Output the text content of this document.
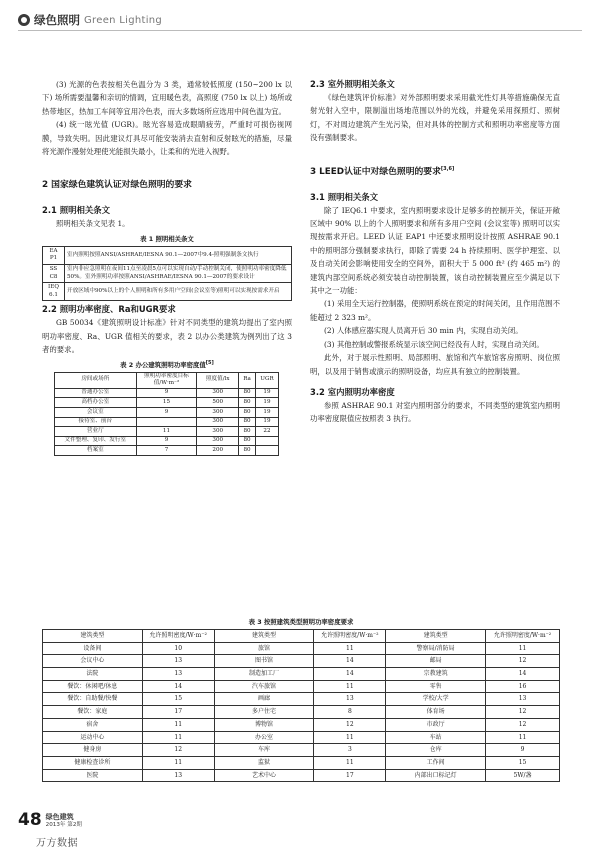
绿色照明 Green Lighting

(3) 光源的色表按相关色温分为 3 类，通常较低照度 (150~200 lx 以下) 场所需要温馨和亲切的情调，宜用暖色表，高照度 (750 lx 以上) 场所或热带地区，热加工车间等宜用冷色表，而大多数场所应选用中间色温为宜。

(4) 统一眩光值 (UGR)。眩光容易造成眼睛疲劳，严重时可损伤视网膜，导致失明。因此建议灯具尽可能安装消去直射和反射眩光的措施，尽量将光源作漫射处理使光能损失最小，让柔和的光进入视野。

2 国家绿色建筑认证对绿色照明的要求
2.1 照明相关条文

照明相关条文见表 1。

表 1 照明相关条文
EA P1	室内照明按照ANSI/ASHRAE/IESNA 90.1—2007中9.4-照明强制条文执行
SS C8	室内非应急照明在夜间11点至凌晨5点可以实现自动/手动控制关闭，使照明功率密度降低50%。室外照明功率按照ANSI/ASHRAE/IESNA 90.1—2007的要求设计
IEQ 6.1	开放区域中90%以上的个人照明和所有多用户空间(会议室等)照明可以实现按需求开启
2.2 照明功率密度、Ra和UGR要求

GB 50034《建筑照明设计标准》针对不同类型的建筑均提出了室内照明功率密度、Ra、UGR 值相关的要求，表 2 以办公类建筑为例列出了这 3 者的要求。

表 2 办公建筑照明功率密度值[5]
房间或场所	照明功率密度目标值/W·m⁻²	照度值/lx	Ra	UGR
普通办公室	9	300	80	19
高档办公室	15	500	80	19
会议室	9	300	80	19
接待室、前台		300	80	19
营业厅	11	300	80	22
文件整理、复印、发行室	9	300	80	
档案室	7	200	80	
2.3 室外照明相关条文

《绿色建筑评价标准》对外部照明要求采用截光性灯具等措施确保无直射光射入空中，限制溢出场地范围以外的光线，并避免采用探照灯、照树灯，不对周边建筑产生光污染，但对具体的控制方式和照明功率密度等方面没有强制要求。

3 LEED认证中对绿色照明的要求[3,6]
3.1 照明相关条文

除了 IEQ6.1 中要求，室内照明要求设计足够多的控制开关，保证开敞区域中 90% 以上的个人照明要求和所有多用户空间 (会议室等) 照明可以实现按需求开启。LEED 认证 EAP1 中还要求照明设计按照 ASHRAE 90.1 中的照明部分强制要求执行，即除了需要 24 h 持续照明、医学护理室、以及自动关闭会影响使用安全的空间外，面积大于 5 000 ft² (约 465 m²) 的建筑内部空间系统必须安装自动控制装置，该自动控制装置应至少满足以下其中之一功能：

(1) 采用全天运行控制器，使照明系统在预定的时间关闭，且作用范围不能超过 2 323 m²。

(2) 人体感应器实现人员离开后 30 min 内，实现自动关闭。

(3) 其他控制或警报系统显示该空间已经没有人时，实现自动关闭。

此外，对于展示性照明、局部照明、旅馆和汽车旅馆客房照明、岗位照明，以及用于销售或演示的照明设备，均应具有独立的控制装置。

3.2 室内照明功率密度

参照 ASHRAE 90.1 对室内照明部分的要求，不同类型的建筑室内照明功率密度限值应按照表 3 执行。

表 3 按照建筑类型照明功率密度要求
建筑类型	允许照明密度/W·m⁻²	建筑类型	允许照明密度/W·m⁻²	建筑类型	允许照明密度/W·m⁻²
设备间	10	旅馆	11	警察局/消防局	11
会议中心	13	图书馆	14	邮局	12
法院	13	制造加工厂	14	宗教建筑	14
餐饮：休闲吧/休息	14	汽车旅馆	11	零售	16
餐饮：自助餐/快餐	15	画廊	13	学校/大学	13
餐饮：家庭	17	多户住宅	8	体育场	12
宿舍	11	博物馆	12	市政厅	12
运动中心	11	办公室	11	车站	11
健身房	12	车库	3	仓库	9
健康检查诊所	11	监狱	11	工作间	15
医院	13	艺术中心	17	内部出口标记灯	5W/盏
48 绿色建筑
2013年 第2期
万方数据
